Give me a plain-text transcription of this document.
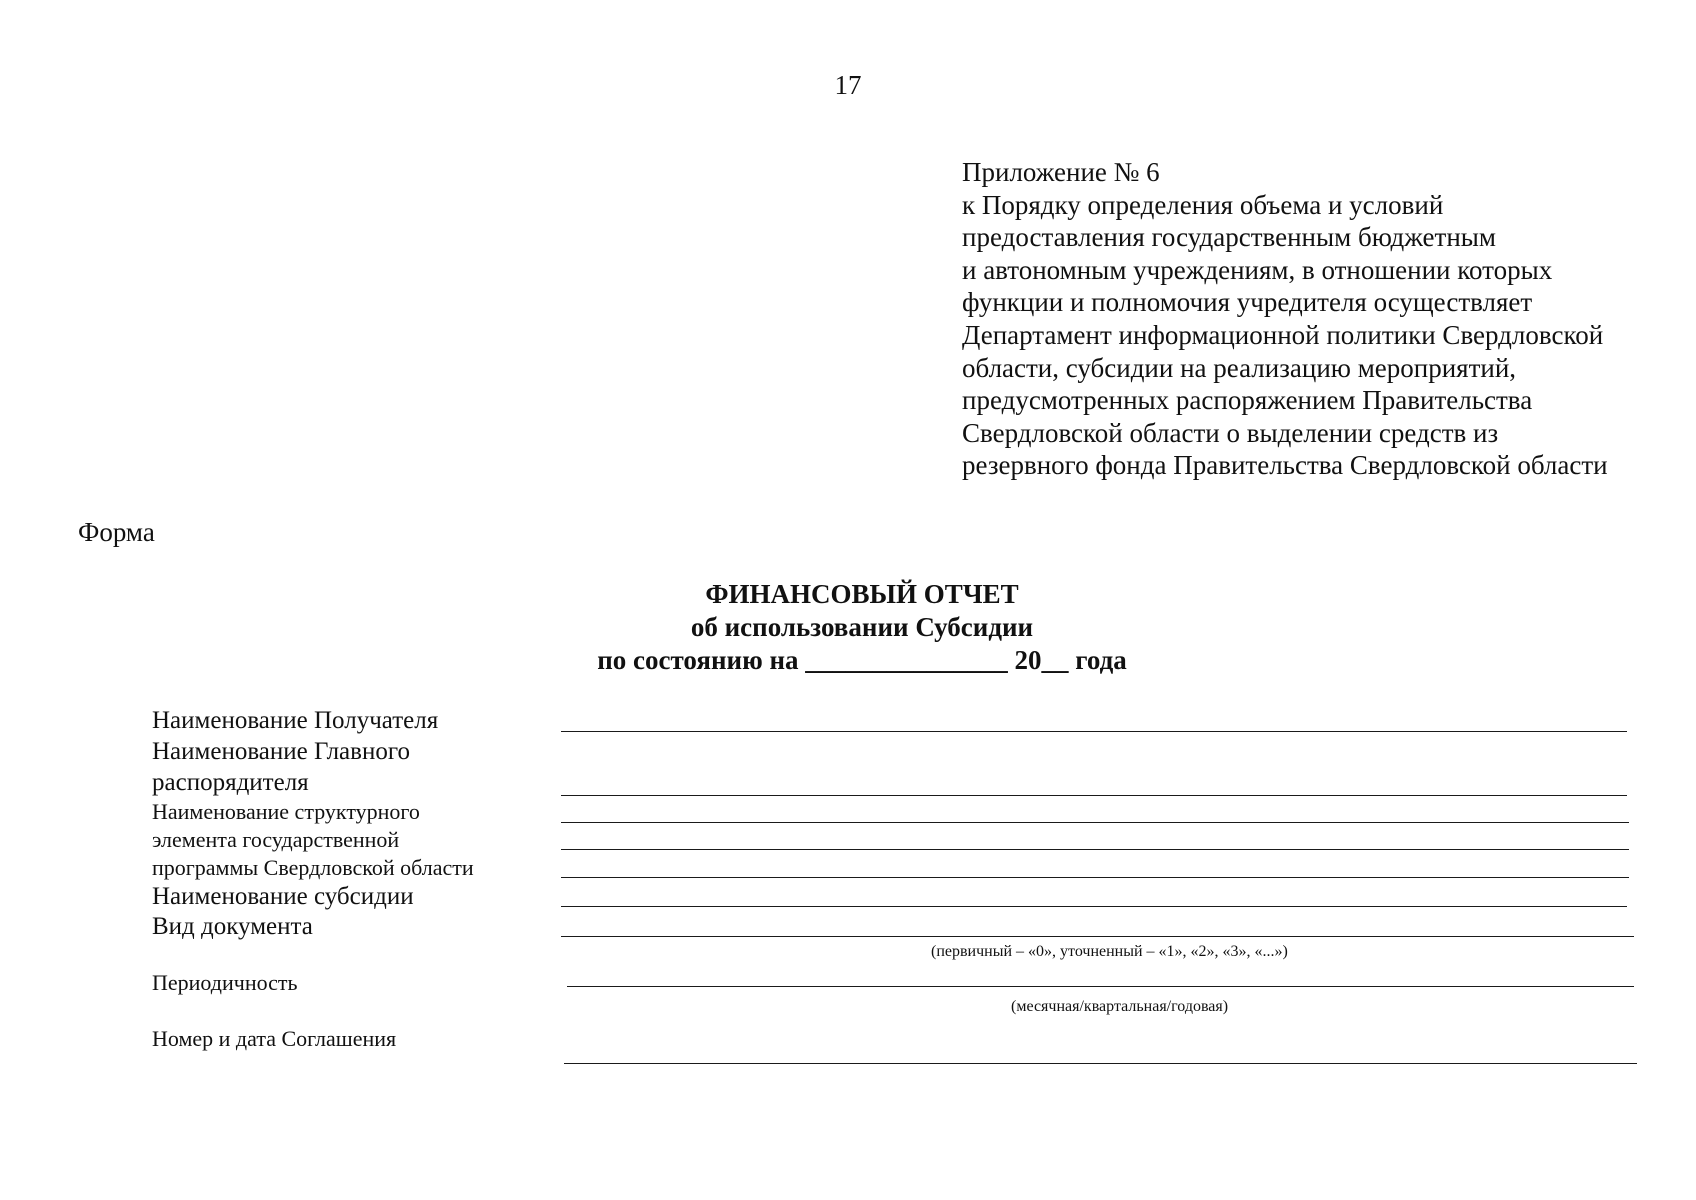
17
Приложение № 6
к Порядку определения объема и условий
предоставления государственным бюджетным
и автономным учреждениям, в отношении которых
функции и полномочия учредителя осуществляет
Департамент информационной политики Свердловской
области, субсидии на реализацию мероприятий,
предусмотренных распоряжением Правительства
Свердловской области о выделении средств из
резервного фонда Правительства Свердловской области
Форма
ФИНАНСОВЫЙ ОТЧЕТ
об использовании Субсидии
по состоянию на _______________ 20__ года
Наименование Получателя
Наименование Главного
распорядителя
Наименование структурного
элемента государственной
программы Свердловской области
Наименование субсидии
Вид документа
Периодичность
Номер и дата Соглашения
(первичный – «0», уточненный – «1», «2», «3», «...»)
(месячная/квартальная/годовая)
